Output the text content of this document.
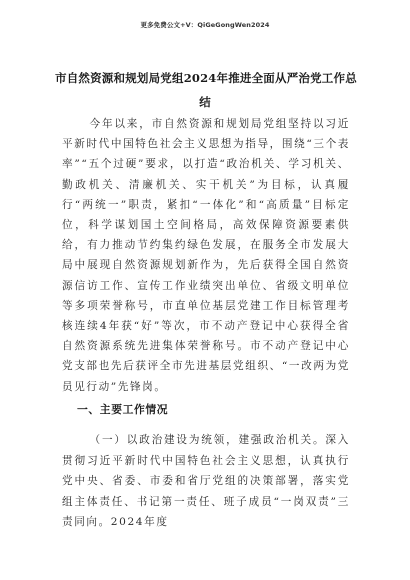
更多免费公文+V：QiGeGongWen2024
市自然资源和规划局党组2024年推进全面从严治党工作总
结

今年以来，市自然资源和规划局党组坚持以习近平新时代中国特色社会主义思想为指导，围绕“三个表率”“五个过硬”要求，以打造“政治机关、学习机关、勤政机关、清廉机关、实干机关”为目标，认真履行“两统一”职责，紧扣“一体化”和“高质量”目标定位，科学谋划国土空间格局，高效保障资源要素供给，有力推动节约集约绿色发展，在服务全市发展大局中展现自然资源规划新作为，先后获得全国自然资源信访工作、宣传工作业绩突出单位、省级文明单位等多项荣誉称号，市直单位基层党建工作目标管理考核连续4年获“好”等次，市不动产登记中心获得全省自然资源系统先进集体荣誉称号。市不动产登记中心党支部也先后获评全市先进基层党组织、“一改两为党员见行动”先锋岗。

一、主要工作情况

（一）以政治建设为统领，建强政治机关。深入贯彻习近平新时代中国特色社会主义思想，认真执行党中央、省委、市委和省厅党组的决策部署，落实党组主体责任、书记第一责任、班子成员“一岗双责”三责同向。2024年度
